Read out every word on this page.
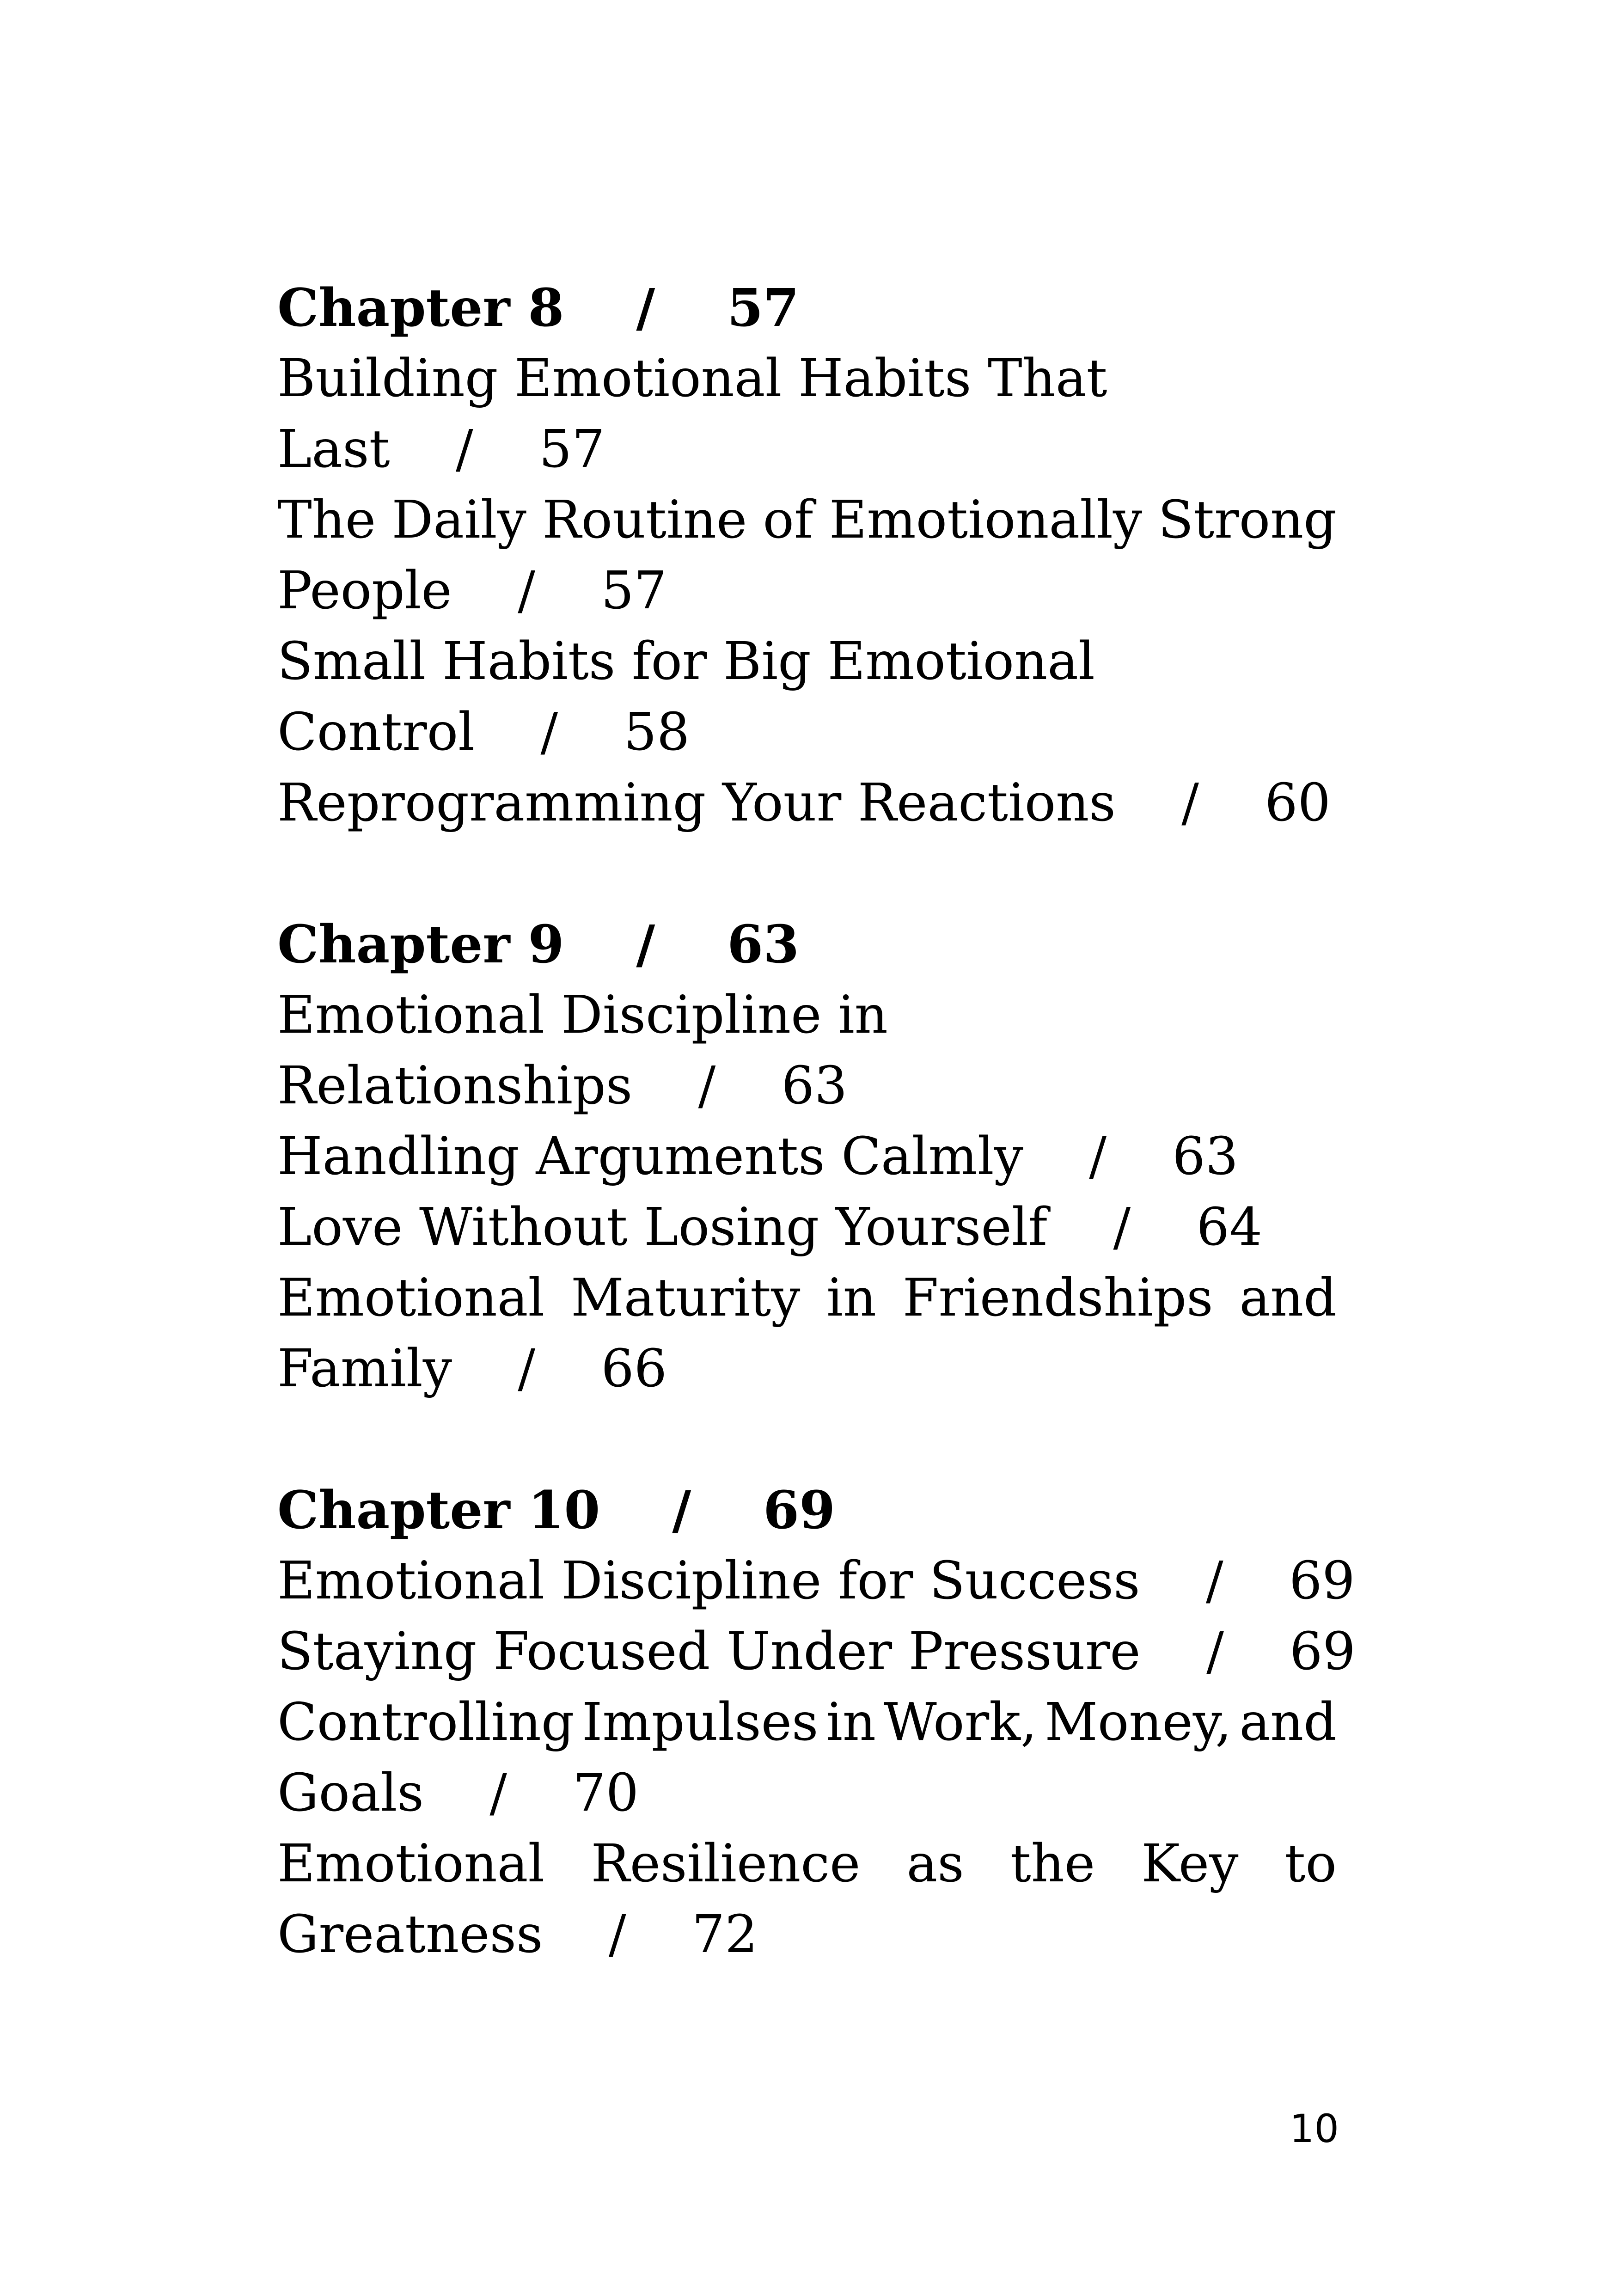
Chapter 8    /    57
Building Emotional Habits That
Last    /    57
The Daily Routine of Emotionally Strong
People    /    57
Small Habits for Big Emotional
Control    /    58
Reprogramming Your Reactions    /    60
Chapter 9    /    63
Emotional Discipline in
Relationships    /    63
Handling Arguments Calmly    /    63
Love Without Losing Yourself    /    64
Emotional Maturity in Friendships and
Family    /    66
Chapter 10    /    69
Emotional Discipline for Success    /    69
Staying Focused Under Pressure    /    69
Controlling Impulses in Work, Money, and
Goals    /    70
Emotional Resilience as the Key to
Greatness    /    72
10
